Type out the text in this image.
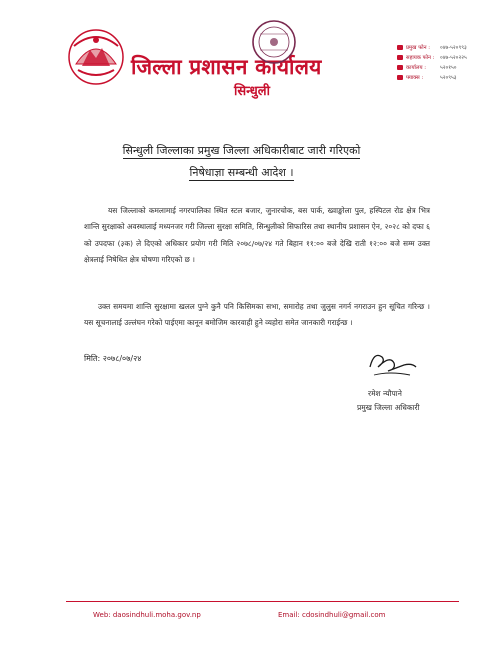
जिल्ला प्रशासन कार्यालय
सिन्धुली
प्रमुख फोन :	०४७-५२०९९३
सहायक फोन :	०४७-५२०२२५
कार्यालय :	५२०१५०
फ्याक्स :	५२०९५३
सिन्धुली जिल्लाका प्रमुख जिल्ला अधिकारीबाट जारी गरिएको
निषेधाज्ञा सम्बन्धी आदेश ।
यस जिल्लाको कमलामाई नगरपालिका स्थित स्टल बजार, जुनारचोक, बस पार्क, ख्वाङ्खोला पुल, हस्पिटल रोड क्षेत्र भित्र शान्ति सुरक्षाको अवस्थालाई मध्यनजर गरी जिल्ला सुरक्षा समिति, सिन्धुलीको सिफारिस तथा स्थानीय प्रशासन ऐन, २०२८ को दफा ६ को उपदफा (३क) ले दिएको अधिकार प्रयोग गरी मिति २०७८/०७/२४ गते बिहान ११:०० बजे देखि राती १२:०० बजे सम्म उक्त क्षेत्रलाई निषेधित क्षेत्र घोषणा गरिएको छ ।
उक्त समयमा शान्ति सुरक्षामा खलल पुग्ने कुनै पनि किसिमका सभा, समारोह तथा जुलुस नगर्न नगराउन हुन सूचित गरिन्छ । यस सूचनालाई उल्लंघन गरेको पाईएमा कानून बमोजिम कारवाही हुने व्यहोरा समेत जानकारी गराईन्छ ।
मिति: २०७८/०७/२४
रमेश न्यौपाने
प्रमुख जिल्ला अधिकारी
Web: daosindhuli.moha.gov.np	Email: cdosindhuli@gmail.com
